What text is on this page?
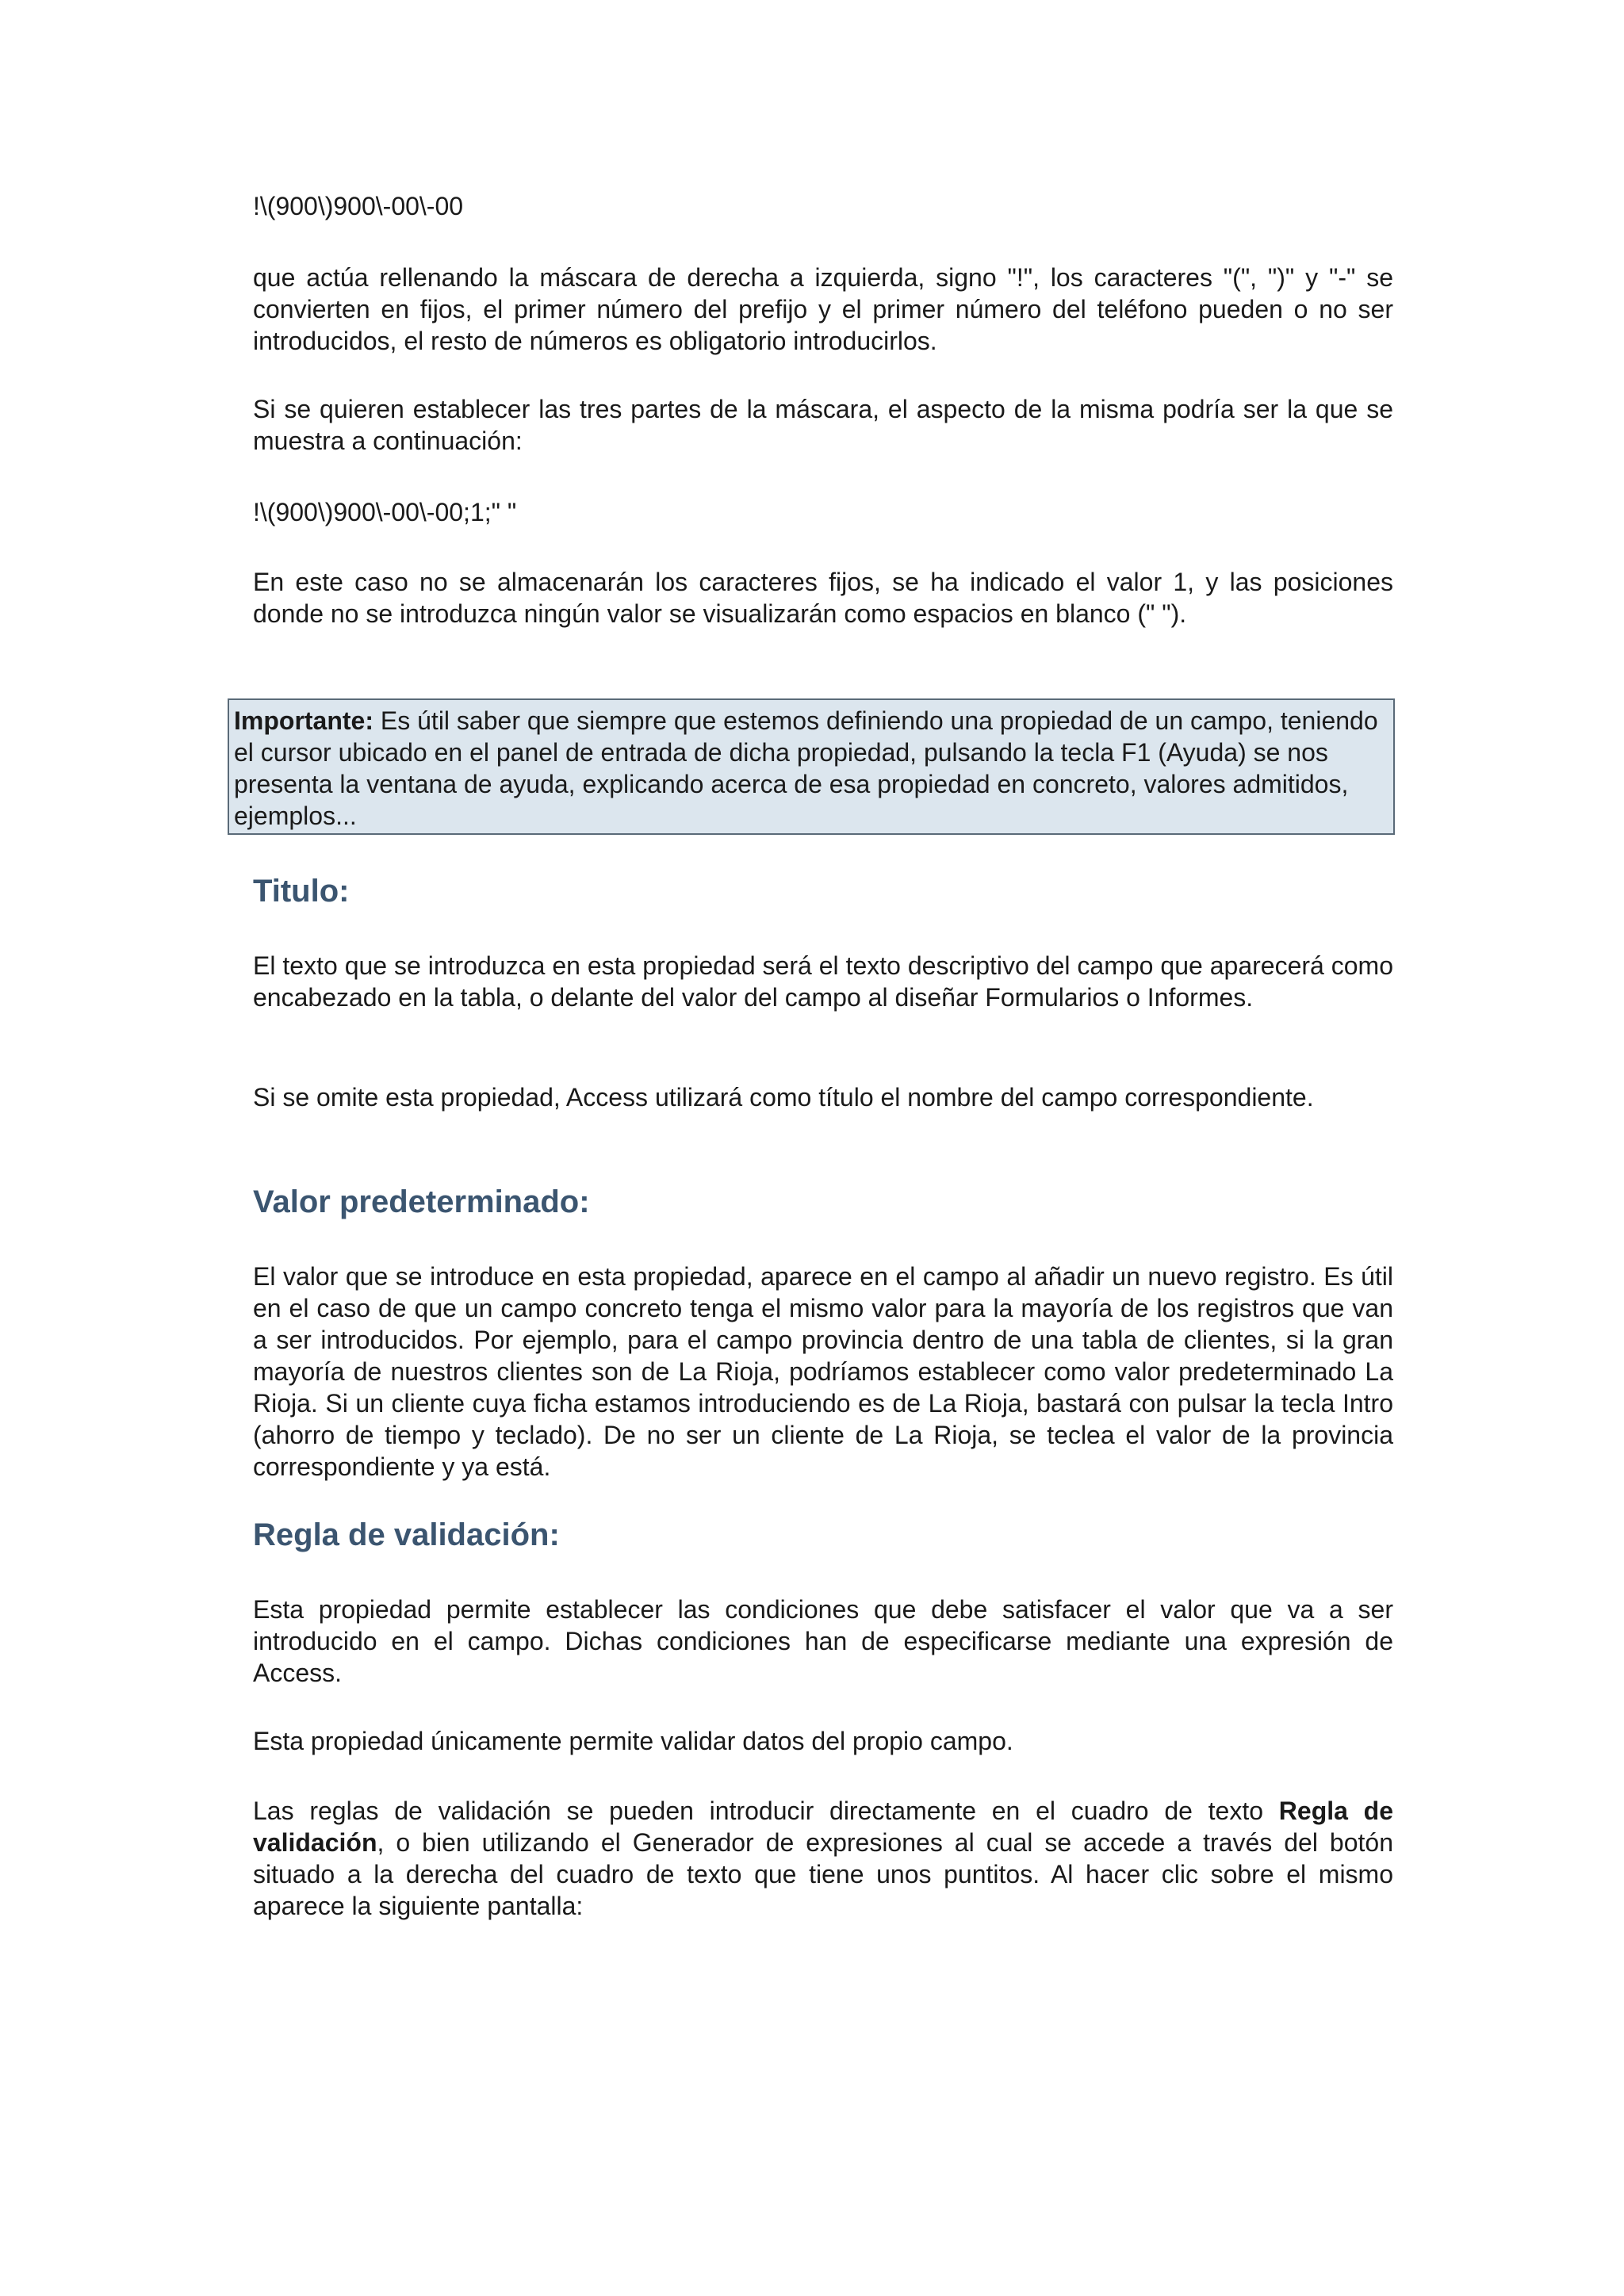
!\(900\)900\-00\-00

que actúa rellenando la máscara de derecha a izquierda, signo "!", los caracteres "(", ")" y "-" se convierten en fijos, el primer número del prefijo y el primer número del teléfono pueden o no ser introducidos, el resto de números es obligatorio introducirlos.

Si se quieren establecer las tres partes de la máscara, el aspecto de la misma podría ser la que se muestra a continuación:

!\(900\)900\-00\-00;1;" "

En este caso no se almacenarán los caracteres fijos, se ha indicado el valor 1, y las posiciones donde no se introduzca ningún valor se visualizarán como espacios en blanco (" ").

Importante: Es útil saber que siempre que estemos definiendo una propiedad de un campo, teniendo el cursor ubicado en el panel de entrada de dicha propiedad, pulsando la tecla F1 (Ayuda) se nos presenta la ventana de ayuda, explicando acerca de esa propiedad en concreto, valores admitidos, ejemplos...

Titulo:

El texto que se introduzca en esta propiedad será el texto descriptivo del campo que aparecerá como encabezado en la tabla, o delante del valor del campo al diseñar Formularios o Informes.

Si se omite esta propiedad, Access utilizará como título el nombre del campo correspondiente.

Valor predeterminado:

El valor que se introduce en esta propiedad, aparece en el campo al añadir un nuevo registro. Es útil en el caso de que un campo concreto tenga el mismo valor para la mayoría de los registros que van a ser introducidos. Por ejemplo, para el campo provincia dentro de una tabla de clientes, si la gran mayoría de nuestros clientes son de La Rioja, podríamos establecer como valor predeterminado La Rioja. Si un cliente cuya ficha estamos introduciendo es de La Rioja, bastará con pulsar la tecla Intro (ahorro de tiempo y teclado). De no ser un cliente de La Rioja, se teclea el valor de la provincia correspondiente y ya está.

Regla de validación:

Esta propiedad permite establecer las condiciones que debe satisfacer el valor que va a ser introducido en el campo. Dichas condiciones han de especificarse mediante una expresión de Access.

Esta propiedad únicamente permite validar datos del propio campo.

Las reglas de validación se pueden introducir directamente en el cuadro de texto Regla de validación, o bien utilizando el Generador de expresiones al cual se accede a través del botón situado a la derecha del cuadro de texto que tiene unos puntitos. Al hacer clic sobre el mismo aparece la siguiente pantalla:
